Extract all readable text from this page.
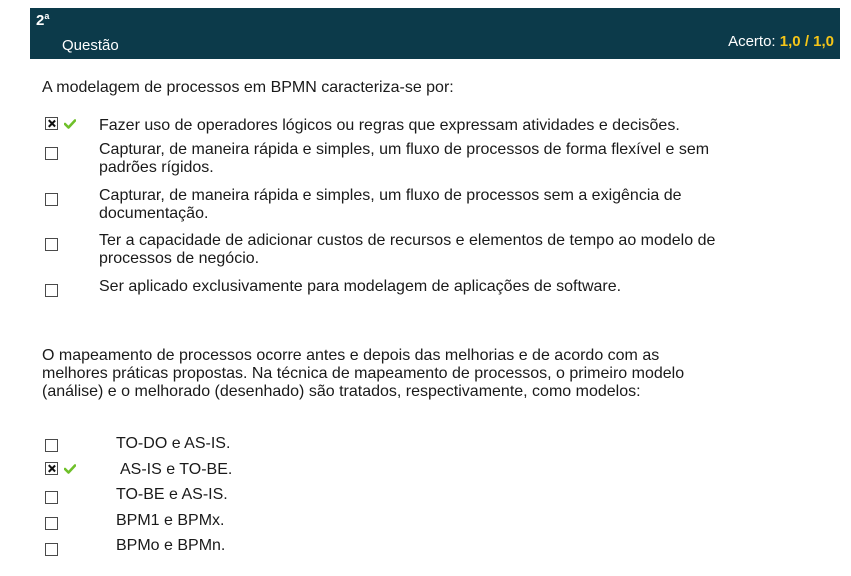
2$^a$
Questão	Acerto: 1,0 / 1,0
A modelagem de processos em BPMN caracteriza-se por:
Fazer uso de operadores lógicos ou regras que expressam atividades e decisões.
Capturar, de maneira rápida e simples, um fluxo de processos de forma flexível e sem
padrões rígidos.
Capturar, de maneira rápida e simples, um fluxo de processos sem a exigência de
documentação.
Ter a capacidade de adicionar custos de recursos e elementos de tempo ao modelo de
processos de negócio.
Ser aplicado exclusivamente para modelagem de aplicações de software.
O mapeamento de processos ocorre antes e depois das melhorias e de acordo com as
melhores práticas propostas. Na técnica de mapeamento de processos, o primeiro modelo
(análise) e o melhorado (desenhado) são tratados, respectivamente, como modelos:
TO-DO e AS-IS.
AS-IS e TO-BE.
TO-BE e AS-IS.
BPM1 e BPMx.
BPMo e BPMn.
